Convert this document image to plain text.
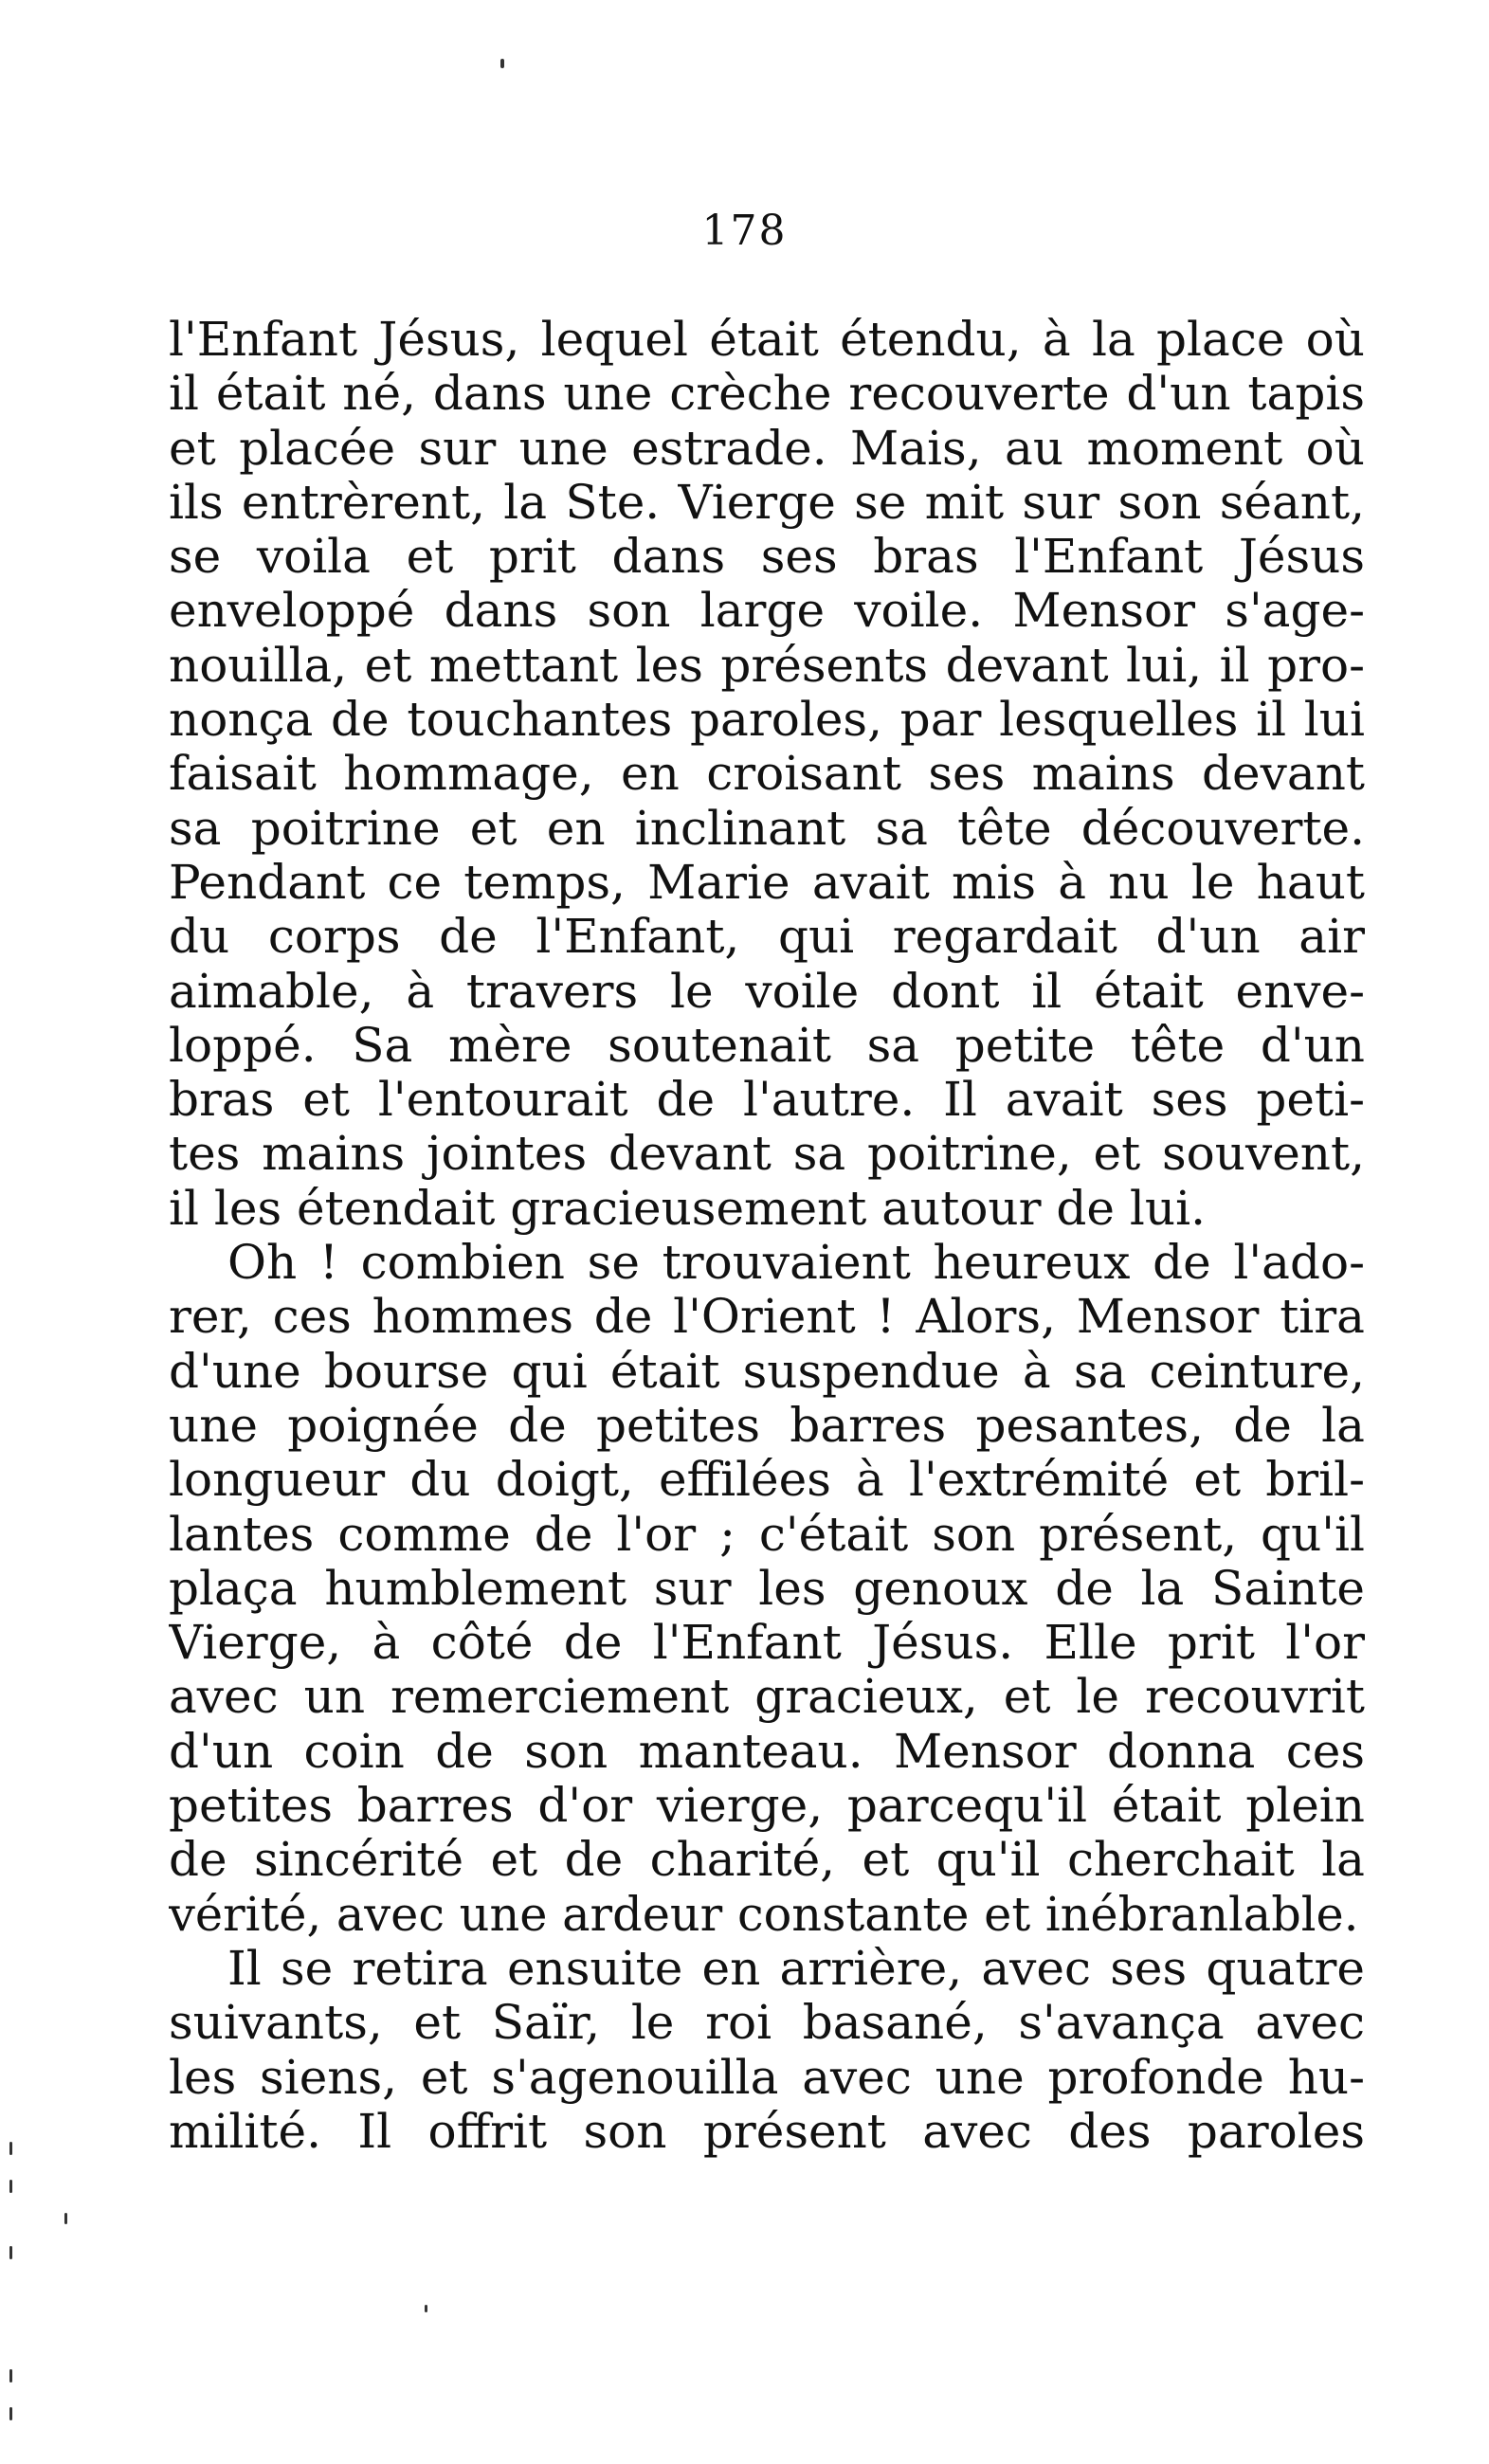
178
l'Enfant Jésus, lequel était étendu, à la place où
il était né, dans une crèche recouverte d'un tapis
et placée sur une estrade. Mais, au moment où
ils entrèrent, la Ste. Vierge se mit sur son séant,
se voila et prit dans ses bras l'Enfant Jésus
enveloppé dans son large voile. Mensor s'age-
nouilla, et mettant les présents devant lui, il pro-
nonça de touchantes paroles, par lesquelles il lui
faisait hommage, en croisant ses mains devant
sa poitrine et en inclinant sa tête découverte.
Pendant ce temps, Marie avait mis à nu le haut
du corps de l'Enfant, qui regardait d'un air
aimable, à travers le voile dont il était enve-
loppé. Sa mère soutenait sa petite tête d'un
bras et l'entourait de l'autre. Il avait ses peti-
tes mains jointes devant sa poitrine, et souvent,
il les étendait gracieusement autour de lui.
Oh ! combien se trouvaient heureux de l'ado-
rer, ces hommes de l'Orient ! Alors, Mensor tira
d'une bourse qui était suspendue à sa ceinture,
une poignée de petites barres pesantes, de la
longueur du doigt, effilées à l'extrémité et bril-
lantes comme de l'or ; c'était son présent, qu'il
plaça humblement sur les genoux de la Sainte
Vierge, à côté de l'Enfant Jésus. Elle prit l'or
avec un remerciement gracieux, et le recouvrit
d'un coin de son manteau. Mensor donna ces
petites barres d'or vierge, parcequ'il était plein
de sincérité et de charité, et qu'il cherchait la
vérité, avec une ardeur constante et inébranlable.
Il se retira ensuite en arrière, avec ses quatre
suivants, et Saïr, le roi basané, s'avança avec
les siens, et s'agenouilla avec une profonde hu-
milité. Il offrit son présent avec des paroles
